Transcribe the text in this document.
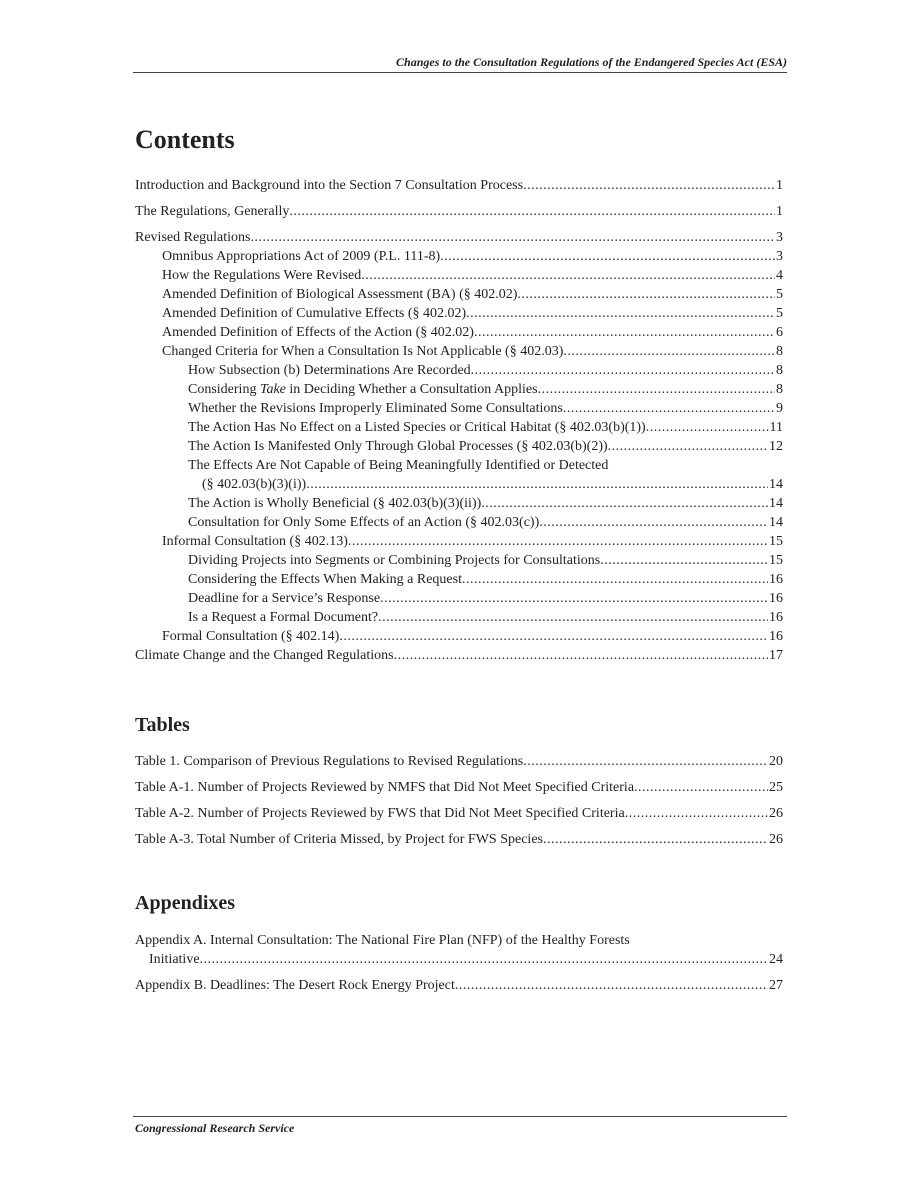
Changes to the Consultation Regulations of the Endangered Species Act (ESA)
Contents
Introduction and Background into the Section 7 Consultation Process .....	1
The Regulations, Generally .....	1
Revised Regulations .....	3
Omnibus Appropriations Act of 2009 (P.L. 111-8) .....	3
How the Regulations Were Revised .....	4
Amended Definition of Biological Assessment (BA) (§ 402.02) .....	5
Amended Definition of Cumulative Effects (§ 402.02) .....	5
Amended Definition of Effects of the Action (§ 402.02) .....	6
Changed Criteria for When a Consultation Is Not Applicable (§ 402.03) .....	8
How Subsection (b) Determinations Are Recorded .....	8
Considering Take in Deciding Whether a Consultation Applies .....	8
Whether the Revisions Improperly Eliminated Some Consultations .....	9
The Action Has No Effect on a Listed Species or Critical Habitat (§ 402.03(b)(1)) .....	11
The Action Is Manifested Only Through Global Processes (§ 402.03(b)(2)) .....	12
The Effects Are Not Capable of Being Meaningfully Identified or Detected
(§ 402.03(b)(3)(i)) .....	14
The Action is Wholly Beneficial (§ 402.03(b)(3)(ii)) .....	14
Consultation for Only Some Effects of an Action (§ 402.03(c)) .....	14
Informal Consultation (§ 402.13) .....	15
Dividing Projects into Segments or Combining Projects for Consultations .....	15
Considering the Effects When Making a Request .....	16
Deadline for a Service’s Response .....	16
Is a Request a Formal Document? .....	16
Formal Consultation (§ 402.14) .....	16
Climate Change and the Changed Regulations .....	17
Tables
Table 1. Comparison of Previous Regulations to Revised Regulations .....	20
Table A-1. Number of Projects Reviewed by NMFS that Did Not Meet Specified Criteria .....	25
Table A-2. Number of Projects Reviewed by FWS that Did Not Meet Specified Criteria .....	26
Table A-3. Total Number of Criteria Missed, by Project for FWS Species .....	26
Appendixes
Appendix A. Internal Consultation: The National Fire Plan (NFP) of the Healthy Forests
Initiative .....	24
Appendix B. Deadlines: The Desert Rock Energy Project .....	27
Congressional Research Service
